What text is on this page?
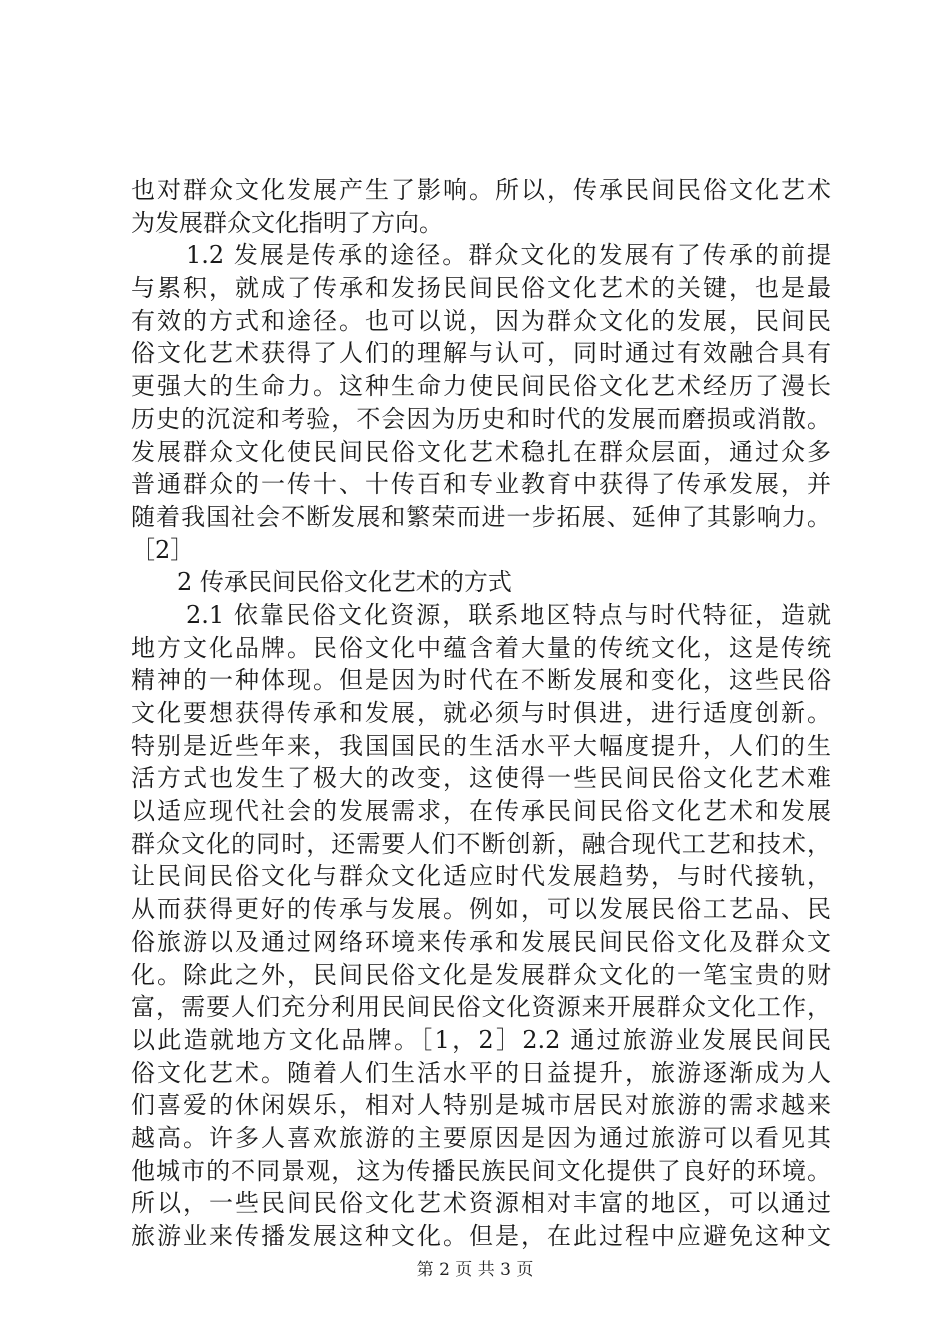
也对群众文化发展产生了影响。所以，传承民间民俗文化艺术
为发展群众文化指明了方向。
1.2 发展是传承的途径。群众文化的发展有了传承的前提
与累积，就成了传承和发扬民间民俗文化艺术的关键，也是最
有效的方式和途径。也可以说，因为群众文化的发展，民间民
俗文化艺术获得了人们的理解与认可，同时通过有效融合具有
更强大的生命力。这种生命力使民间民俗文化艺术经历了漫长
历史的沉淀和考验，不会因为历史和时代的发展而磨损或消散。
发展群众文化使民间民俗文化艺术稳扎在群众层面，通过众多
普通群众的一传十、十传百和专业教育中获得了传承发展，并
随着我国社会不断发展和繁荣而进一步拓展、延伸了其影响力。
［2］
2 传承民间民俗文化艺术的方式
2.1 依靠民俗文化资源，联系地区特点与时代特征，造就
地方文化品牌。民俗文化中蕴含着大量的传统文化，这是传统
精神的一种体现。但是因为时代在不断发展和变化，这些民俗
文化要想获得传承和发展，就必须与时俱进，进行适度创新。
特别是近些年来，我国国民的生活水平大幅度提升，人们的生
活方式也发生了极大的改变，这使得一些民间民俗文化艺术难
以适应现代社会的发展需求，在传承民间民俗文化艺术和发展
群众文化的同时，还需要人们不断创新，融合现代工艺和技术，
让民间民俗文化与群众文化适应时代发展趋势，与时代接轨，
从而获得更好的传承与发展。例如，可以发展民俗工艺品、民
俗旅游以及通过网络环境来传承和发展民间民俗文化及群众文
化。除此之外，民间民俗文化是发展群众文化的一笔宝贵的财
富，需要人们充分利用民间民俗文化资源来开展群众文化工作，
以此造就地方文化品牌。［1，2］2.2 通过旅游业发展民间民
俗文化艺术。随着人们生活水平的日益提升，旅游逐渐成为人
们喜爱的休闲娱乐，相对人特别是城市居民对旅游的需求越来
越高。许多人喜欢旅游的主要原因是因为通过旅游可以看见其
他城市的不同景观，这为传播民族民间文化提供了良好的环境。
所以，一些民间民俗文化艺术资源相对丰富的地区，可以通过
旅游业来传播发展这种文化。但是，在此过程中应避免这种文
第 2 页 共 3 页
